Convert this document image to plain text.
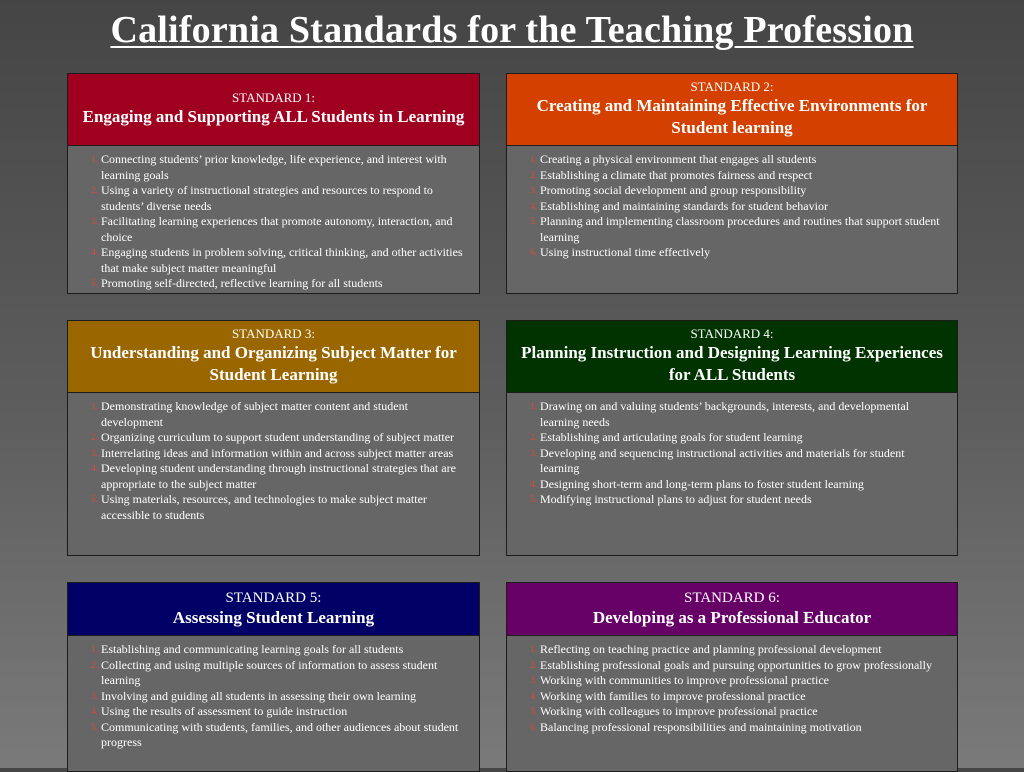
California Standards for the Teaching Profession
STANDARD 1:
Engaging and Supporting ALL Students in Learning
1. Connecting students’ prior knowledge, life experience, and interest with learning goals
2. Using a variety of instructional strategies and resources to respond to students’ diverse needs
3. Facilitating learning experiences that promote autonomy, interaction, and choice
4. Engaging students in problem solving, critical thinking, and other activities that make subject matter meaningful
5. Promoting self-directed, reflective learning for all students
STANDARD 2:
Creating and Maintaining Effective Environments for Student learning
1. Creating a physical environment that engages all students
2. Establishing a climate that promotes fairness and respect
3. Promoting social development and group responsibility
4. Establishing and maintaining standards for student behavior
5. Planning and implementing classroom procedures and routines that support student learning
6. Using instructional time effectively
STANDARD 3:
Understanding and Organizing Subject Matter for Student Learning
1. Demonstrating knowledge of subject matter content and student development
2. Organizing curriculum to support student understanding of subject matter
3. Interrelating ideas and information within and across subject matter areas
4. Developing student understanding through instructional strategies that are appropriate to the subject matter
5. Using materials, resources, and technologies to make subject matter accessible to students
STANDARD 4:
Planning Instruction and Designing Learning Experiences for ALL Students
1. Drawing on and valuing students’ backgrounds, interests, and developmental learning needs
2. Establishing and articulating goals for student learning
3. Developing and sequencing instructional activities and materials for student learning
4. Designing short-term and long-term plans to foster student learning
5. Modifying instructional plans to adjust for student needs
STANDARD 5:
Assessing Student Learning
1. Establishing and communicating learning goals for all students
2. Collecting and using multiple sources of information to assess student learning
3. Involving and guiding all students in assessing their own learning
4. Using the results of assessment to guide instruction
5. Communicating with students, families, and other audiences about student progress
STANDARD 6:
Developing as a Professional Educator
1. Reflecting on teaching practice and planning professional development
2. Establishing professional goals and pursuing opportunities to grow professionally
3. Working with communities to improve professional practice
4. Working with families to improve professional practice
5. Working with colleagues to improve professional practice
6. Balancing professional responsibilities and maintaining motivation
